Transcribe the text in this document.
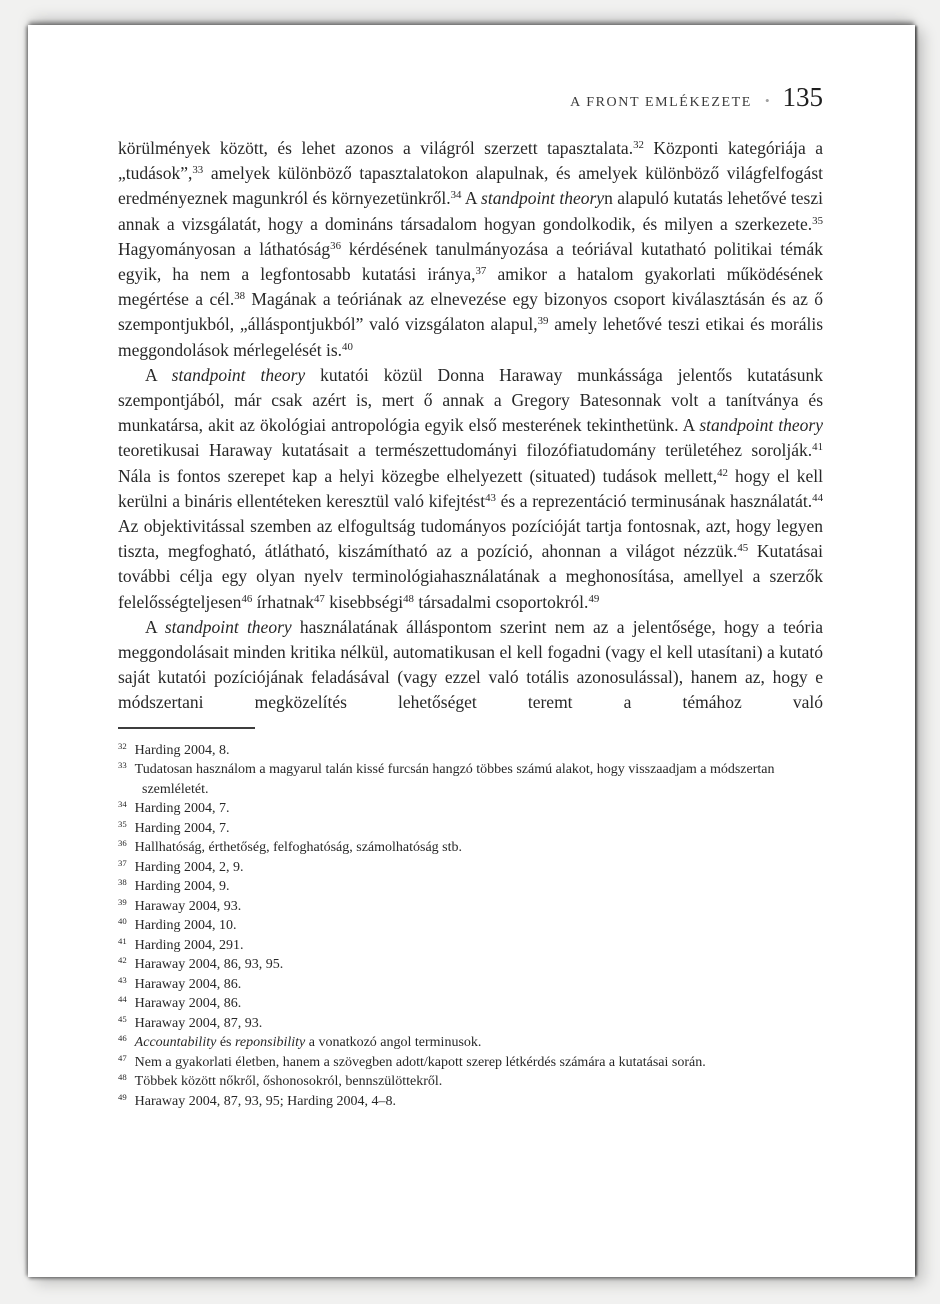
A FRONT EMLÉKEZETE • 135
körülmények között, és lehet azonos a világról szerzett tapasztalata.$^{32}$ Központi kategóriája a „tudások”,$^{33}$ amelyek különböző tapasztalatokon alapulnak, és amelyek különböző világfelfogást eredményeznek magunkról és környezetünkről.$^{34}$ A standpoint theoryn alapuló kutatás lehetővé teszi annak a vizsgálatát, hogy a domináns társadalom hogyan gondolkodik, és milyen a szerkezete.$^{35}$ Hagyományosan a láthatóság$^{36}$ kérdésének tanulmányozása a teóriával kutatható politikai témák egyik, ha nem a legfontosabb kutatási iránya,$^{37}$ amikor a hatalom gyakorlati működésének megértése a cél.$^{38}$ Magának a teóriának az elnevezése egy bizonyos csoport kiválasztásán és az ő szempontjukból, „álláspontjukból” való vizsgálaton alapul,$^{39}$ amely lehetővé teszi etikai és morális meggondolások mérlegelését is.$^{40}$
A standpoint theory kutatói közül Donna Haraway munkássága jelentős kutatásunk szempontjából, már csak azért is, mert ő annak a Gregory Batesonnak volt a tanítványa és munkatársa, akit az ökológiai antropológia egyik első mesterének tekinthetünk. A standpoint theory teoretikusai Haraway kutatásait a természettudományi filozófiatudomány területéhez sorolják.$^{41}$ Nála is fontos szerepet kap a helyi közegbe elhelyezett (situated) tudások mellett,$^{42}$ hogy el kell kerülni a bináris ellentéteken keresztül való kifejtést$^{43}$ és a reprezentáció terminusának használatát.$^{44}$ Az objektivitással szemben az elfogultság tudományos pozícióját tartja fontosnak, azt, hogy legyen tiszta, megfogható, átlátható, kiszámítható az a pozíció, ahonnan a világot nézzük.$^{45}$ Kutatásai további célja egy olyan nyelv terminológiahasználatának a meghonosítása, amellyel a szerzők felelősségteljesen$^{46}$ írhatnak$^{47}$ kisebbségi$^{48}$ társadalmi csoportokról.$^{49}$
A standpoint theory használatának álláspontom szerint nem az a jelentősége, hogy a teória meggondolásait minden kritika nélkül, automatikusan el kell fogadni (vagy el kell utasítani) a kutató saját kutatói pozíciójának feladásával (vagy ezzel való totális azonosulással), hanem az, hogy e módszertani megközelítés lehetőséget teremt a témához való
$^{32}$ Harding 2004, 8.
$^{33}$ Tudatosan használom a magyarul talán kissé furcsán hangzó többes számú alakot, hogy visszaadjam a módszertan szemléletét.
$^{34}$ Harding 2004, 7.
$^{35}$ Harding 2004, 7.
$^{36}$ Hallhatóság, érthetőség, felfoghatóság, számolhatóság stb.
$^{37}$ Harding 2004, 2, 9.
$^{38}$ Harding 2004, 9.
$^{39}$ Haraway 2004, 93.
$^{40}$ Harding 2004, 10.
$^{41}$ Harding 2004, 291.
$^{42}$ Haraway 2004, 86, 93, 95.
$^{43}$ Haraway 2004, 86.
$^{44}$ Haraway 2004, 86.
$^{45}$ Haraway 2004, 87, 93.
$^{46}$ Accountability és reponsibility a vonatkozó angol terminusok.
$^{47}$ Nem a gyakorlati életben, hanem a szövegben adott/kapott szerep létkérdés számára a kutatásai során.
$^{48}$ Többek között nőkről, őshonosokról, bennszülöttekről.
$^{49}$ Haraway 2004, 87, 93, 95; Harding 2004, 4–8.
